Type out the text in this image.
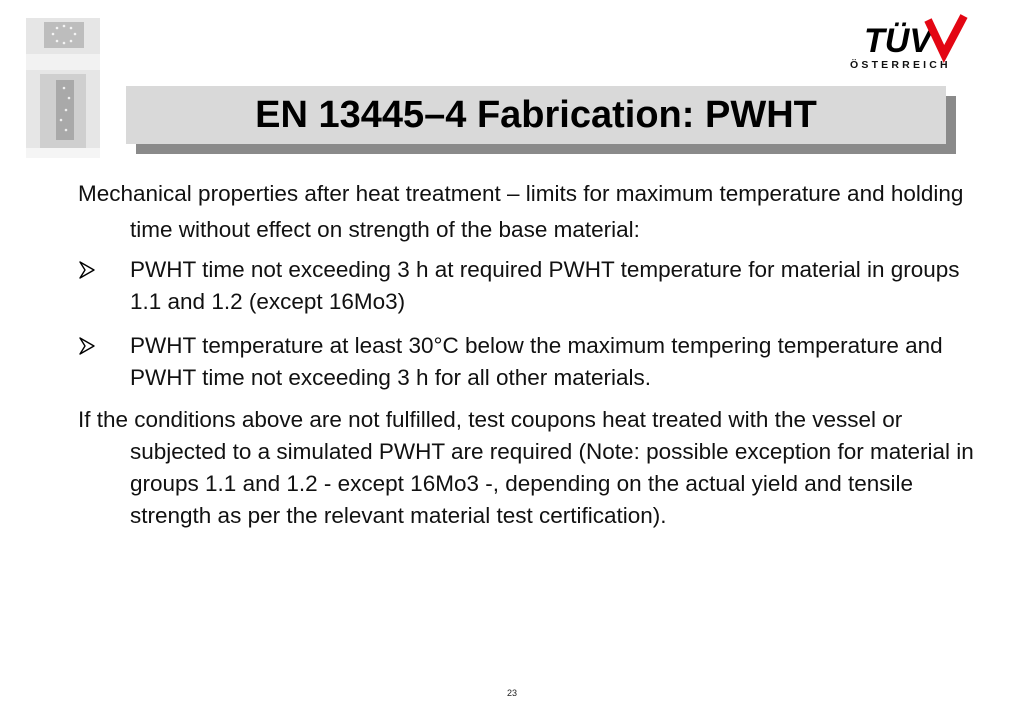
TÜV
ÖSTERREICH
EN 13445–4 Fabrication: PWHT

Mechanical properties after heat treatment – limits for maximum temperature and holding time without effect on strength of the base material:

PWHT time not exceeding 3 h at required PWHT temperature for material in groups 1.1 and 1.2 (except 16Mo3)
PWHT temperature at least 30°C below the maximum tempering temperature and PWHT time not exceeding 3 h for all other materials.

If the conditions above are not fulfilled, test coupons heat treated with the vessel or subjected to a simulated PWHT are required (Note: possible exception for material in groups 1.1 and 1.2 - except 16Mo3 -, depending on the actual yield and tensile strength as per the relevant material test certification).

23
